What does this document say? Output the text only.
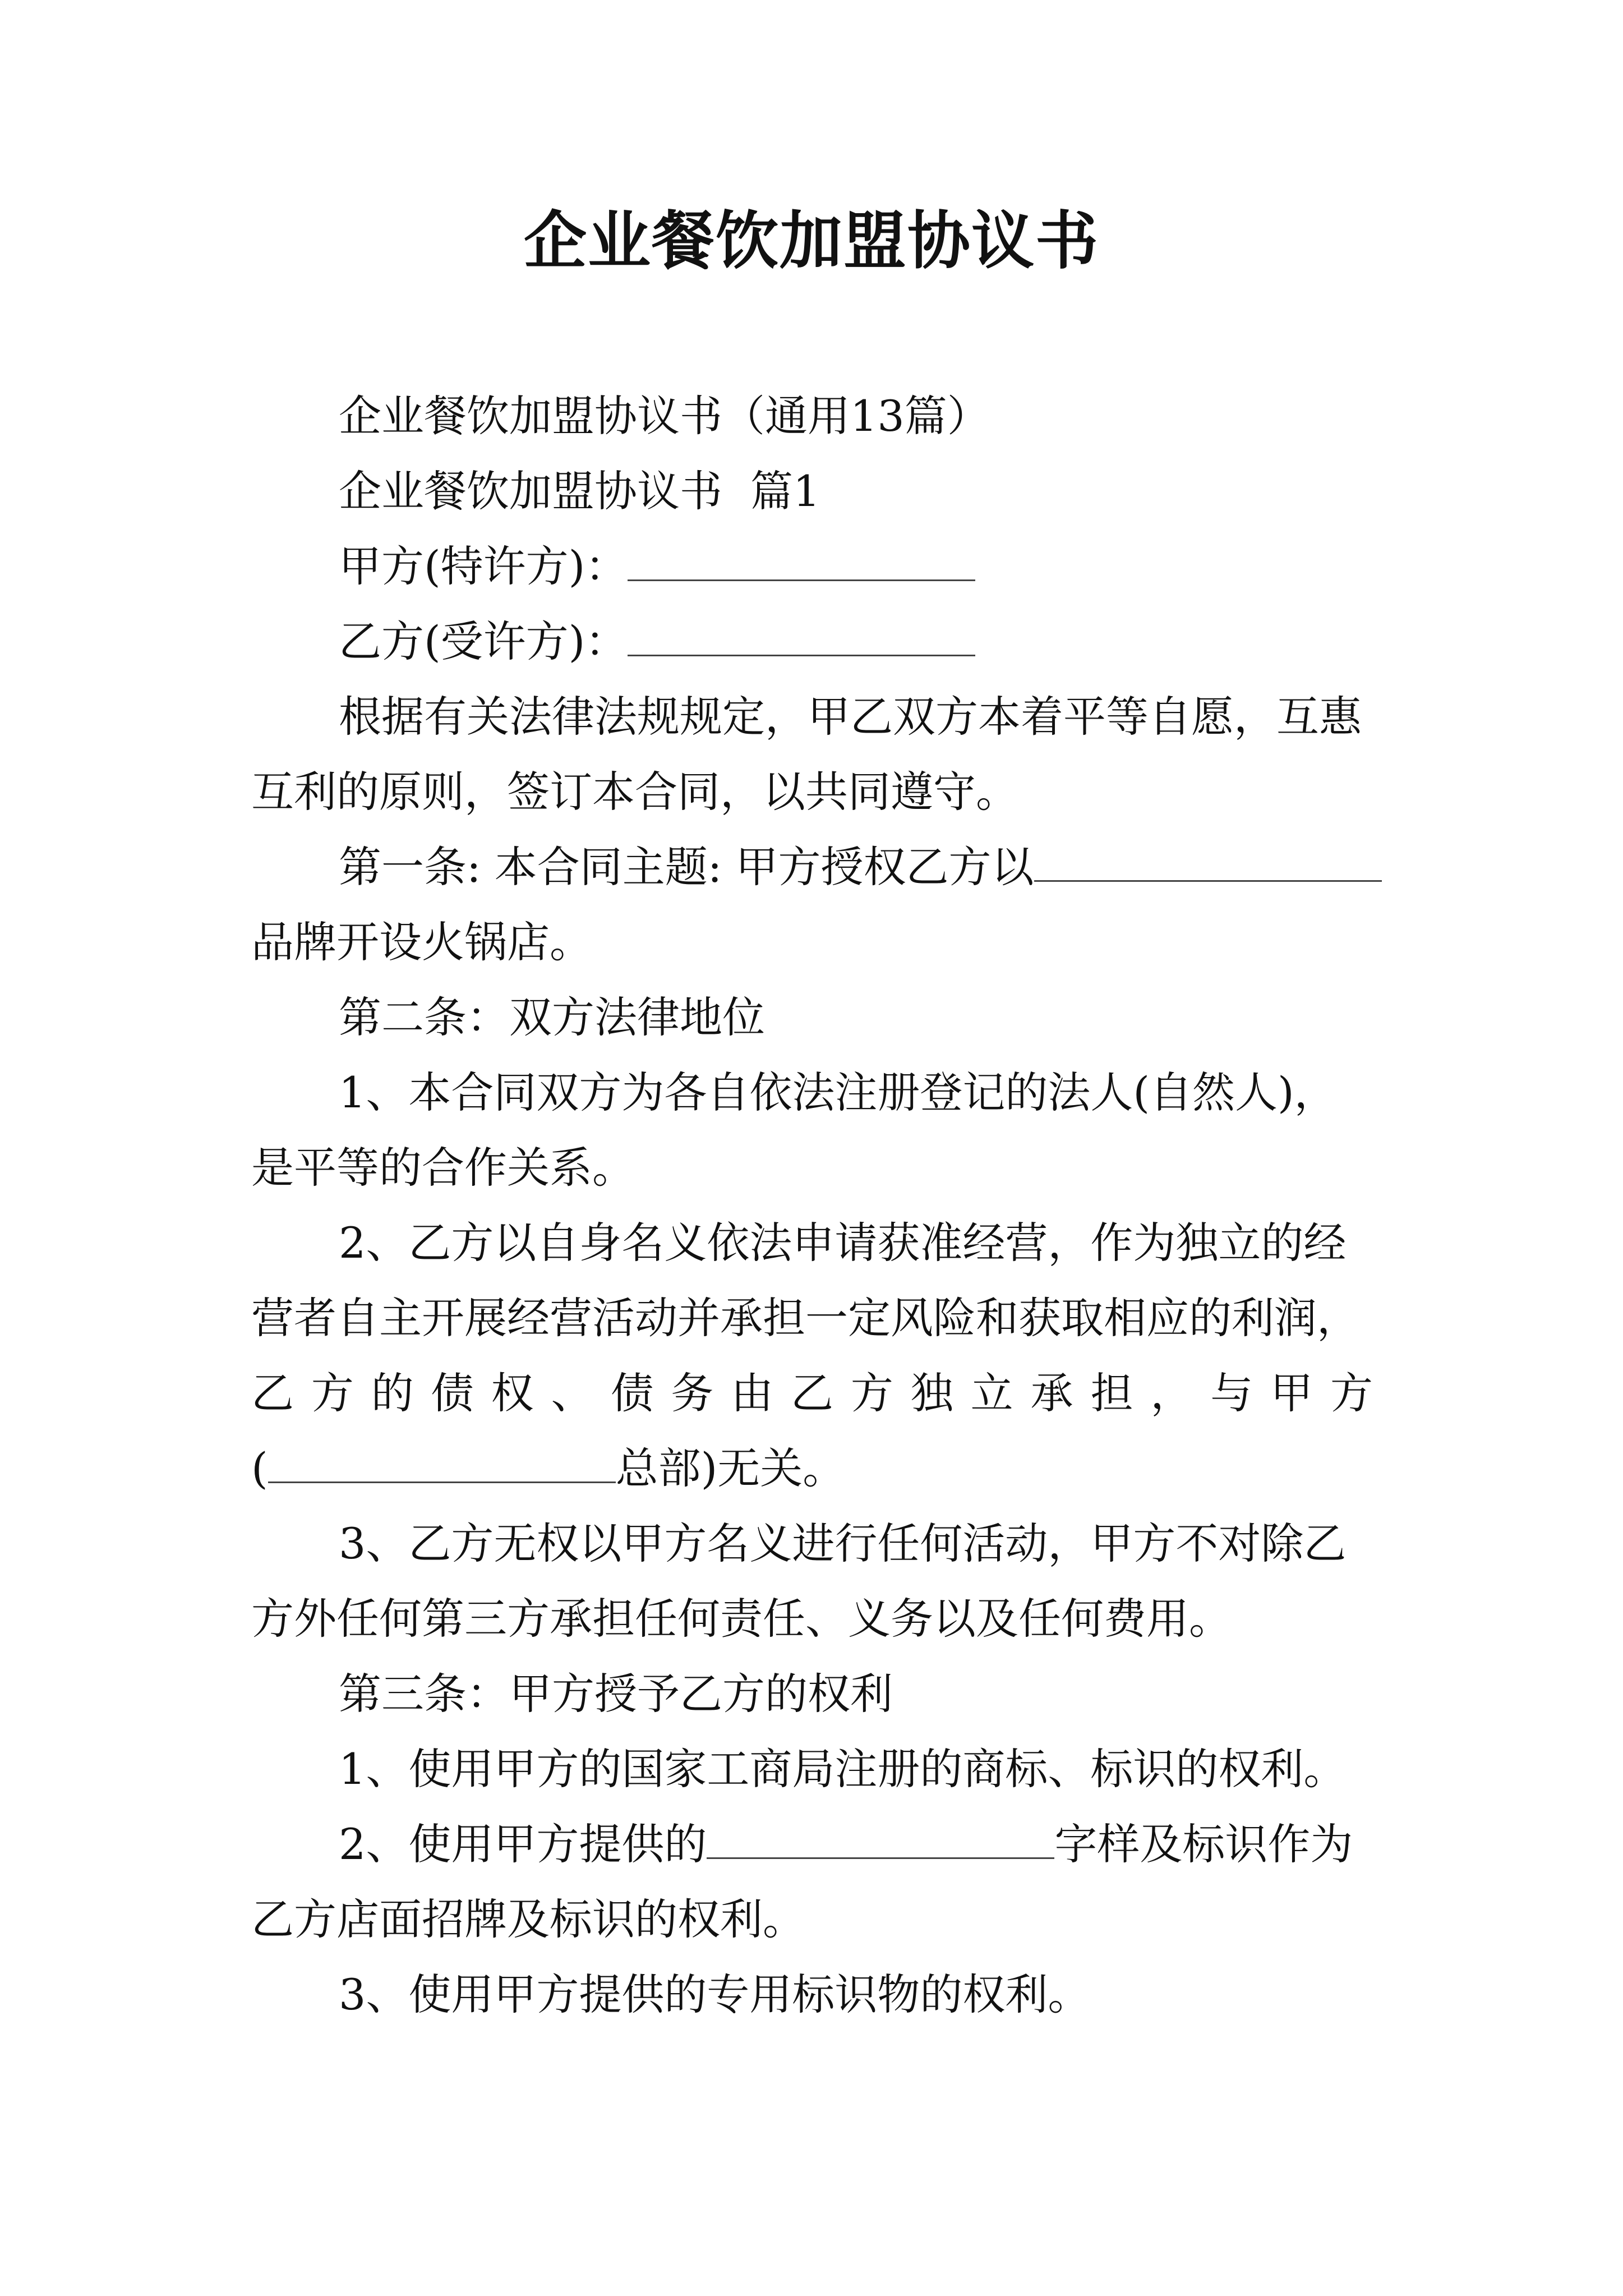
企业餐饮加盟协议书
企业餐饮加盟协议书（通用13篇）
企业餐饮加盟协议书 篇1
甲方(特许方)：
乙方(受许方)：
根据有关法律法规规定，甲乙双方本着平等自愿，互惠
互利的原则，签订本合同，以共同遵守。
第一条: 本合同主题: 甲方授权乙方以
品牌开设火锅店。
第二条：双方法律地位
1、本合同双方为各自依法注册登记的法人(自然人)，
是平等的合作关系。
2、乙方以自身名义依法申请获准经营，作为独立的经
营者自主开展经营活动并承担一定风险和获取相应的利润，
乙方的债权、债务由乙方独立承担，与甲方
(	总部)无关。
3、乙方无权以甲方名义进行任何活动，甲方不对除乙
方外任何第三方承担任何责任、义务以及任何费用。
第三条：甲方授予乙方的权利
1、使用甲方的国家工商局注册的商标、标识的权利。
2、使用甲方提供的	字样及标识作为
乙方店面招牌及标识的权利。
3、使用甲方提供的专用标识物的权利。
